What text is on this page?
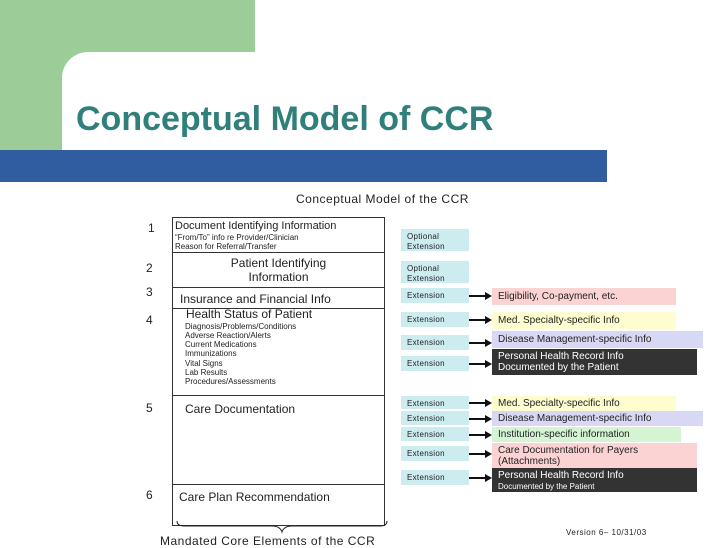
Conceptual Model of CCR
Conceptual Model of the CCR
1
2
3
4
5
6
Document Identifying Information
“From/To” info re Provider/Clinician
Reason for Referral/Transfer
Patient Identifying
Information
Insurance and Financial Info
Health Status of Patient
Diagnosis/Problems/Conditions
Adverse Reaction/Alerts
Current Medications
Immunizations
Vital Signs
Lab Results
Procedures/Assessments
Care Documentation
Care Plan Recommendation
Optional
Extension
Optional
Extension
Extension
Extension
Extension
Extension
Extension
Extension
Extension
Extension
Extension
Eligibility, Co-payment, etc.
Med. Specialty-specific Info
Disease Management-specific Info
Personal Health Record Info
Documented by the Patient
Med. Specialty-specific Info
Disease Management-specific Info
Institution-specific information
Care Documentation for Payers
(Attachments)
Personal Health Record Info
Documented by the Patient
Mandated Core Elements of the CCR
Version 6– 10/31/03
